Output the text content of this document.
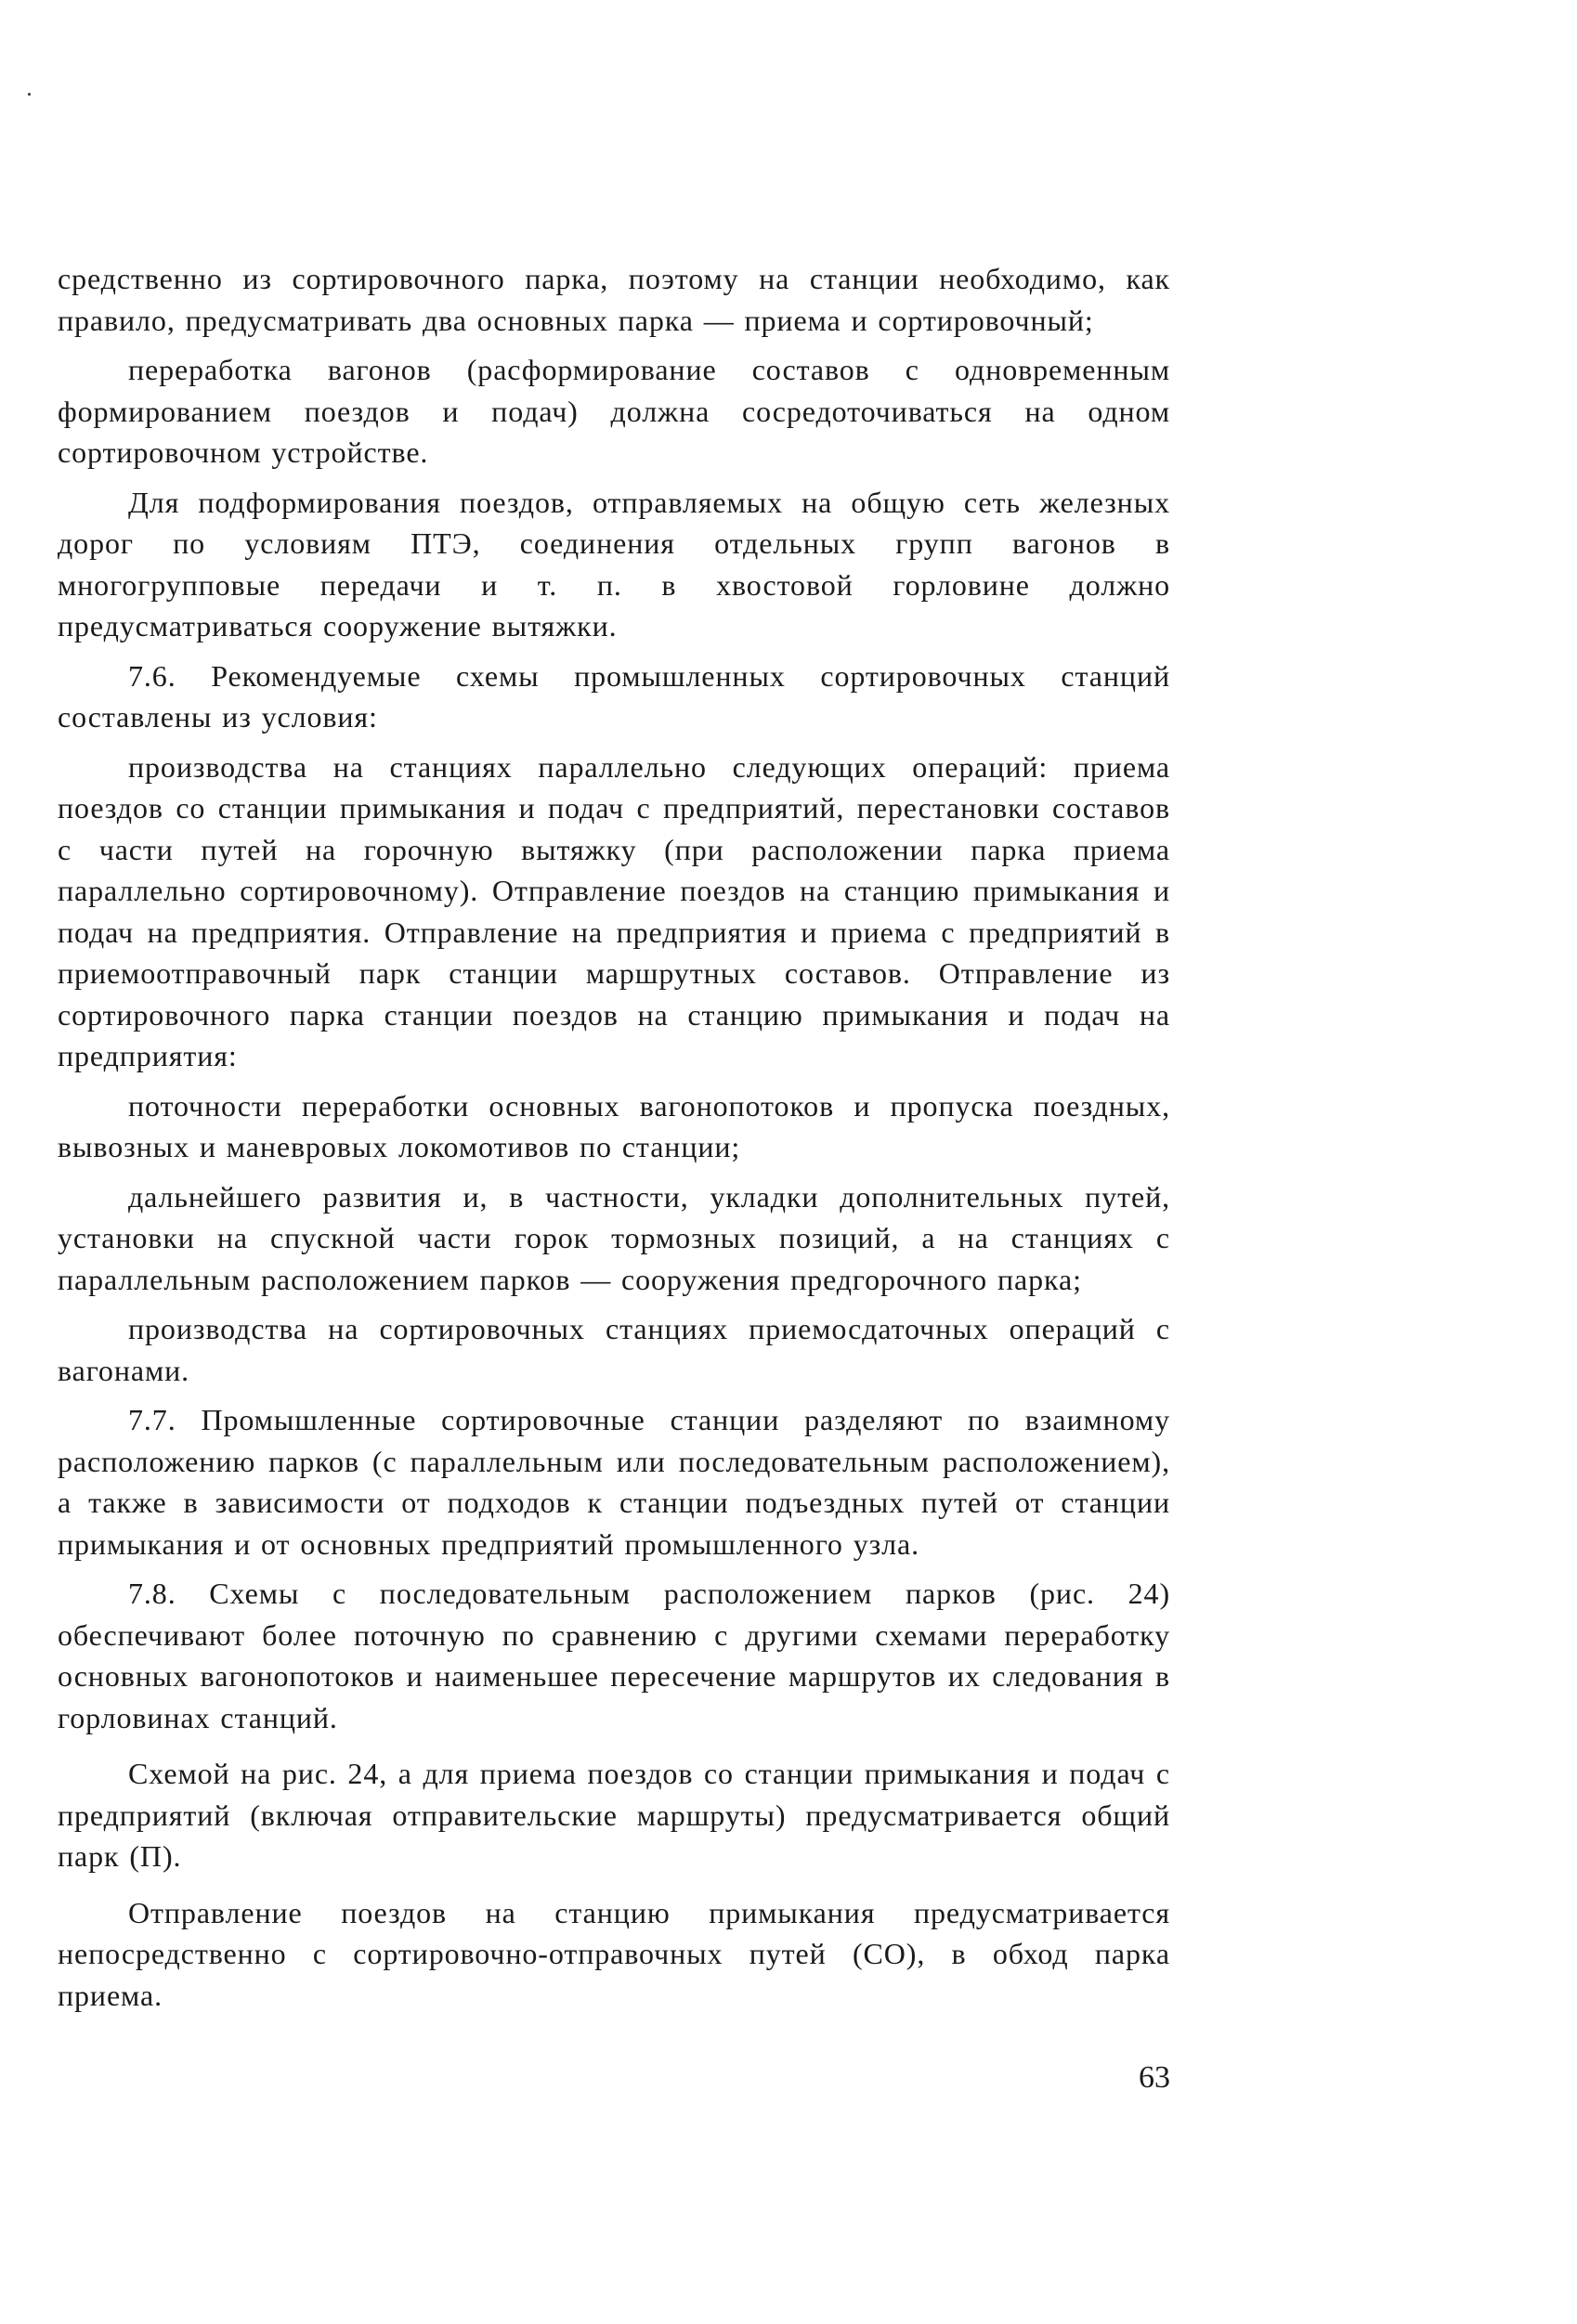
средственно из сортировочного парка, поэтому на станции необходимо, как правило, предусматривать два основных парка — приема и сортировочный;

переработка вагонов (расформирование составов с одновременным формированием поездов и подач) должна сосредоточиваться на одном сортировочном устройстве.

Для подформирования поездов, отправляемых на общую сеть железных дорог по условиям ПТЭ, соединения отдельных групп вагонов в многогрупповые передачи и т. п. в хвостовой горловине должно предусматриваться сооружение вытяжки.

7.6. Рекомендуемые схемы промышленных сортировочных станций составлены из условия:

производства на станциях параллельно следующих операций: приема поездов со станции примыкания и подач с предприятий, перестановки составов с части путей на горочную вытяжку (при расположении парка приема параллельно сортировочному). Отправление поездов на станцию примыкания и подач на предприятия. Отправление на предприятия и приема с предприятий в приемоотправочный парк станции маршрутных составов. Отправление из сортировочного парка станции поездов на станцию примыкания и подач на предприятия:

поточности переработки основных вагонопотоков и пропуска поездных, вывозных и маневровых локомотивов по станции;

дальнейшего развития и, в частности, укладки дополнительных путей, установки на спускной части горок тормозных позиций, а на станциях с параллельным расположением парков — сооружения предгорочного парка;

производства на сортировочных станциях приемосдаточных операций с вагонами.

7.7. Промышленные сортировочные станции разделяют по взаимному расположению парков (с параллельным или последовательным расположением), а также в зависимости от подходов к станции подъездных путей от станции примыкания и от основных предприятий промышленного узла.

7.8. Схемы с последовательным расположением парков (рис. 24) обеспечивают более поточную по сравнению с другими схемами переработку основных вагонопотоков и наименьшее пересечение маршрутов их следования в горловинах станций.

Схемой на рис. 24, а для приема поездов со станции примыкания и подач с предприятий (включая отправительские маршруты) предусматривается общий парк (П).

Отправление поездов на станцию примыкания предусматривается непосредственно с сортировочно-отправочных путей (СО), в обход парка приема.

63
